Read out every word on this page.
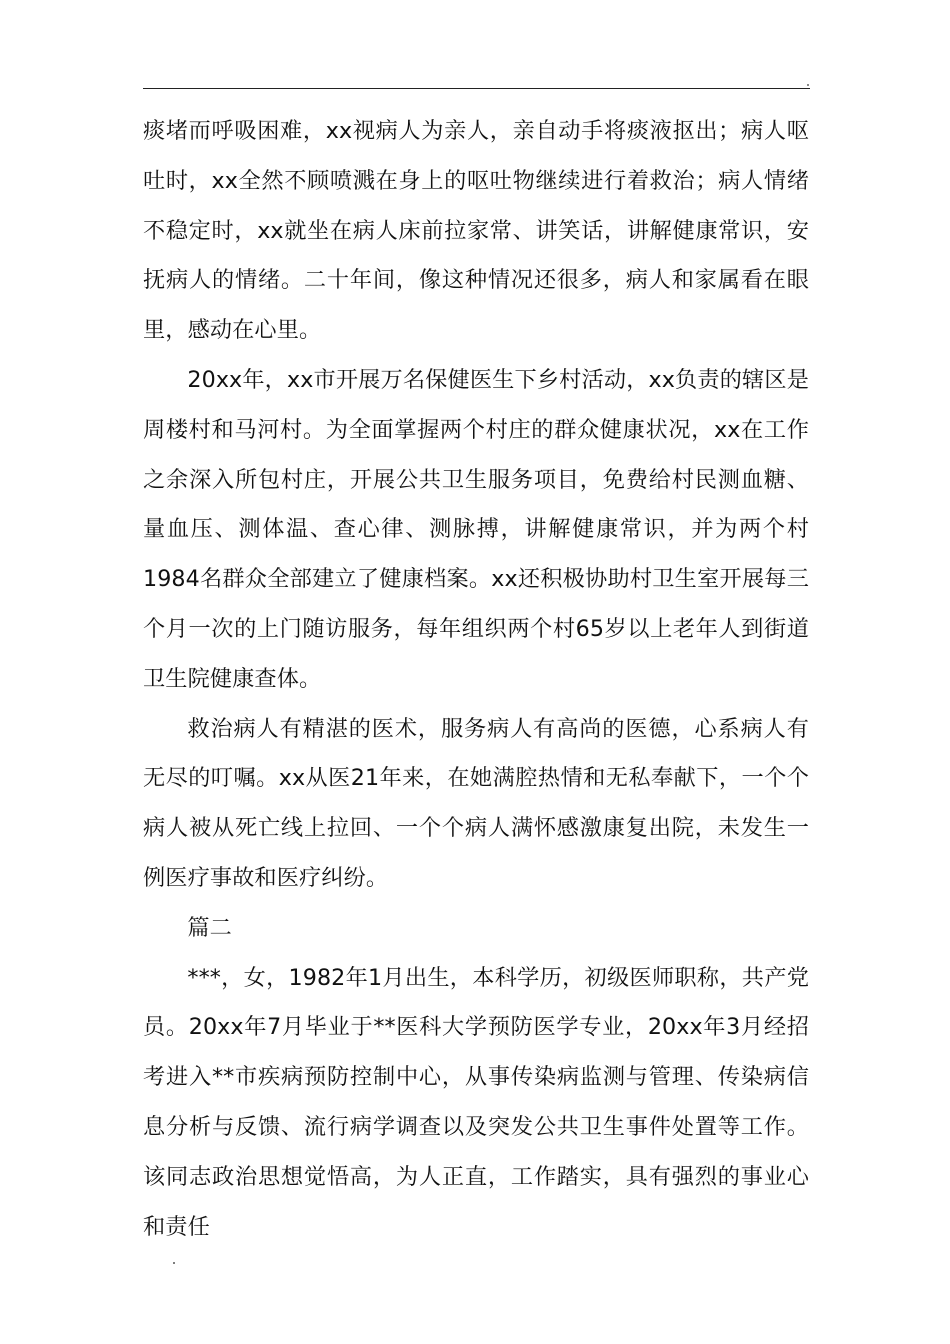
痰堵而呼吸困难，xx视病人为亲人，亲自动手将痰液抠出；病人呕吐时，xx全然不顾喷溅在身上的呕吐物继续进行着救治；病人情绪不稳定时，xx就坐在病人床前拉家常、讲笑话，讲解健康常识，安抚病人的情绪。二十年间，像这种情况还很多，病人和家属看在眼里，感动在心里。

20xx年，xx市开展万名保健医生下乡村活动，xx负责的辖区是周楼村和马河村。为全面掌握两个村庄的群众健康状况，xx在工作之余深入所包村庄，开展公共卫生服务项目，免费给村民测血糖、量血压、测体温、查心律、测脉搏，讲解健康常识，并为两个村1984名群众全部建立了健康档案。xx还积极协助村卫生室开展每三个月一次的上门随访服务，每年组织两个村65岁以上老年人到街道卫生院健康查体。

救治病人有精湛的医术，服务病人有高尚的医德，心系病人有无尽的叮嘱。xx从医21年来，在她满腔热情和无私奉献下，一个个病人被从死亡线上拉回、一个个病人满怀感激康复出院，未发生一例医疗事故和医疗纠纷。

篇二

***，女，1982年1月出生，本科学历，初级医师职称，共产党员。20xx年7月毕业于**医科大学预防医学专业，20xx年3月经招考进入**市疾病预防控制中心，从事传染病监测与管理、传染病信息分析与反馈、流行病学调查以及突发公共卫生事件处置等工作。该同志政治思想觉悟高，为人正直，工作踏实，具有强烈的事业心和责任
